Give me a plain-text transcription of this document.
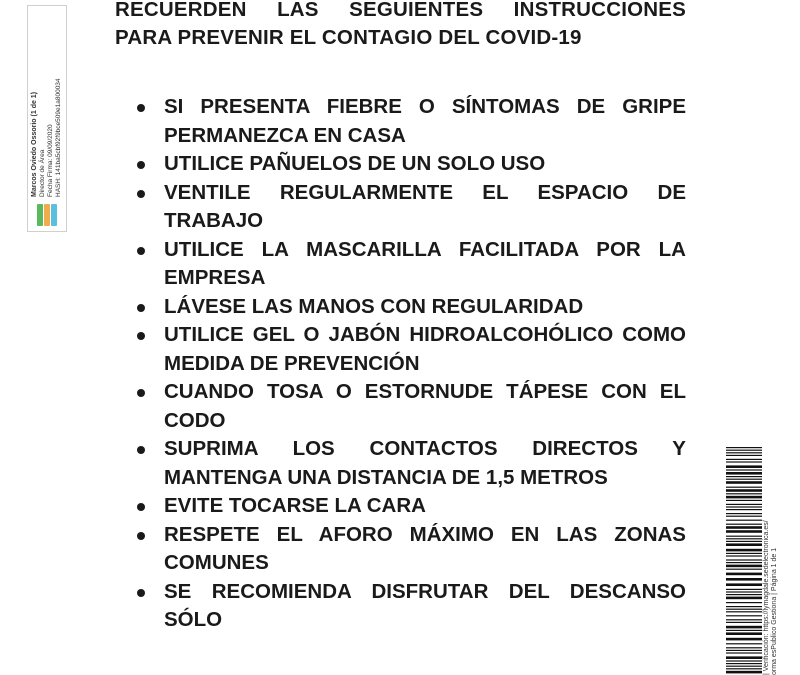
Marcos Oviedo Ossorio (1 de 1) Director de Área Fecha Firma: 09/09/2020 HASH: 141ba5cbf92f9bce509e1a800034
RECUERDEN LAS SEGUIENTES INSTRUCCIONES
PARA PREVENIR EL CONTAGIO DEL COVID-19
SI PRESENTA FIEBRE O SÍNTOMAS DE GRIPE PERMANEZCA EN CASA
UTILICE PAÑUELOS DE UN SOLO USO
VENTILE REGULARMENTE EL ESPACIO DE TRABAJO
UTILICE LA MASCARILLA FACILITADA POR LA EMPRESA
LÁVESE LAS MANOS CON REGULARIDAD
UTILICE GEL O JABÓN HIDROALCOHÓLICO COMO MEDIDA DE PREVENCIÓN
CUANDO TOSA O ESTORNUDE TÁPESE CON EL CODO
SUPRIMA LOS CONTACTOS DIRECTOS Y MANTENGA UNA DISTANCIA DE 1,5 METROS
EVITE TOCARSE LA CARA
RESPETE EL AFORO MÁXIMO EN LAS ZONAS COMUNES
SE RECOMIENDA DISFRUTAR DEL DESCANSO SÓLO	| Verificación: https://lymagdale.sedelectronica.es/ orma esPublico Gestiona | Página 1 de 1
